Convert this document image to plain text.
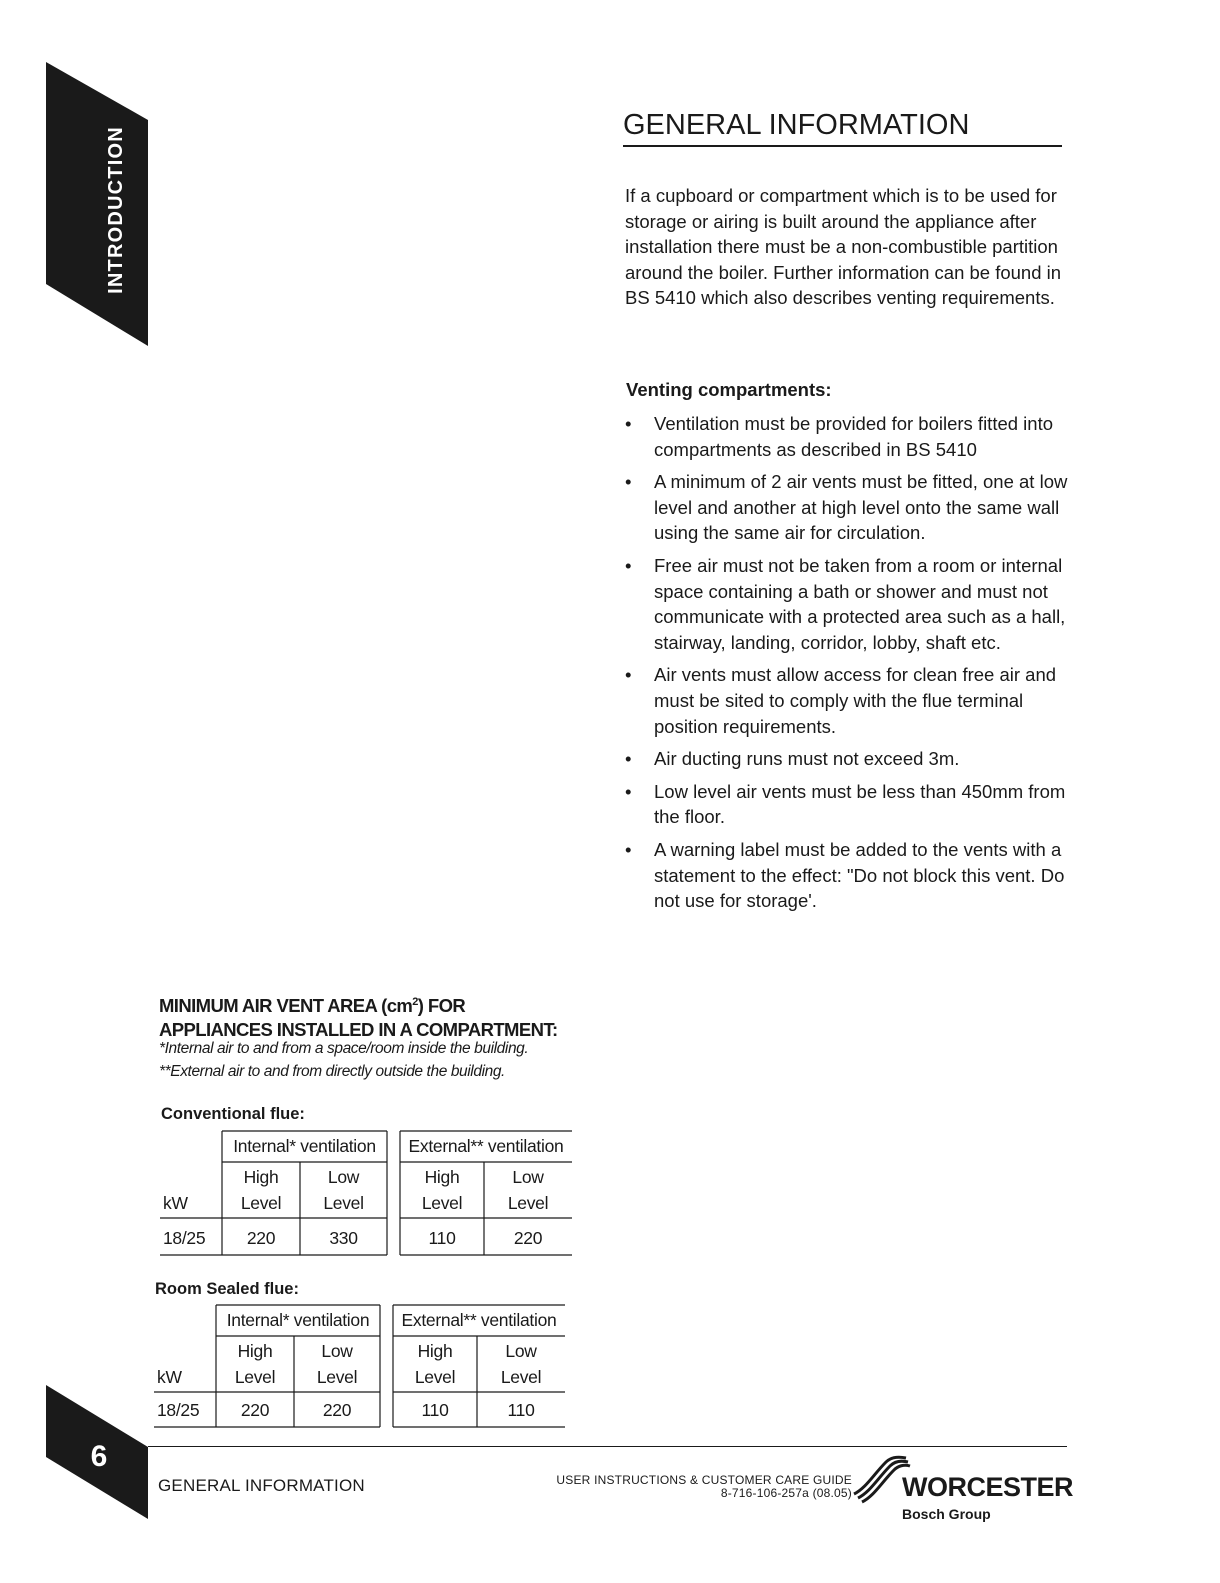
INTRODUCTION
GENERAL INFORMATION

If a cupboard or compartment which is to be used for storage or airing is built around the appliance after installation there must be a non-combustible partition around the boiler. Further information can be found in BS 5410 which also describes venting requirements.

Venting compartments:
• Ventilation must be provided for boilers fitted into compartments as described in BS 5410
• A minimum of 2 air vents must be fitted, one at low level and another at high level onto the same wall using the same air for circulation.
• Free air must not be taken from a room or internal space containing a bath or shower and must not communicate with a protected area such as a hall, stairway, landing, corridor, lobby, shaft etc.
• Air vents must allow access for clean free air and must be sited to comply with the flue terminal position requirements.
• Air ducting runs must not exceed 3m.
• Low level air vents must be less than 450mm from the floor.
• A warning label must be added to the vents with a statement to the effect: "Do not block this vent. Do not use for storage'.
MINIMUM AIR VENT AREA $(cm^2)$ FOR
APPLIANCES INSTALLED IN A COMPARTMENT:

*Internal air to and from a space/room inside the building.

**External air to and from directly outside the building.

Conventional flue:

Internal* ventilation	External** ventilation
High	Low	High	Low
kW	Level	Level	Level	Level
18/25	220	330	110	220

Room Sealed flue:

Internal* ventilation	External** ventilation
High	Low	High	Low
kW	Level	Level	Level	Level
18/25	220	220	110	110
6
GENERAL INFORMATION	USER INSTRUCTIONS & CUSTOMER CARE GUIDE
8-716-106-257a (08.05) WORCESTER
Bosch Group
